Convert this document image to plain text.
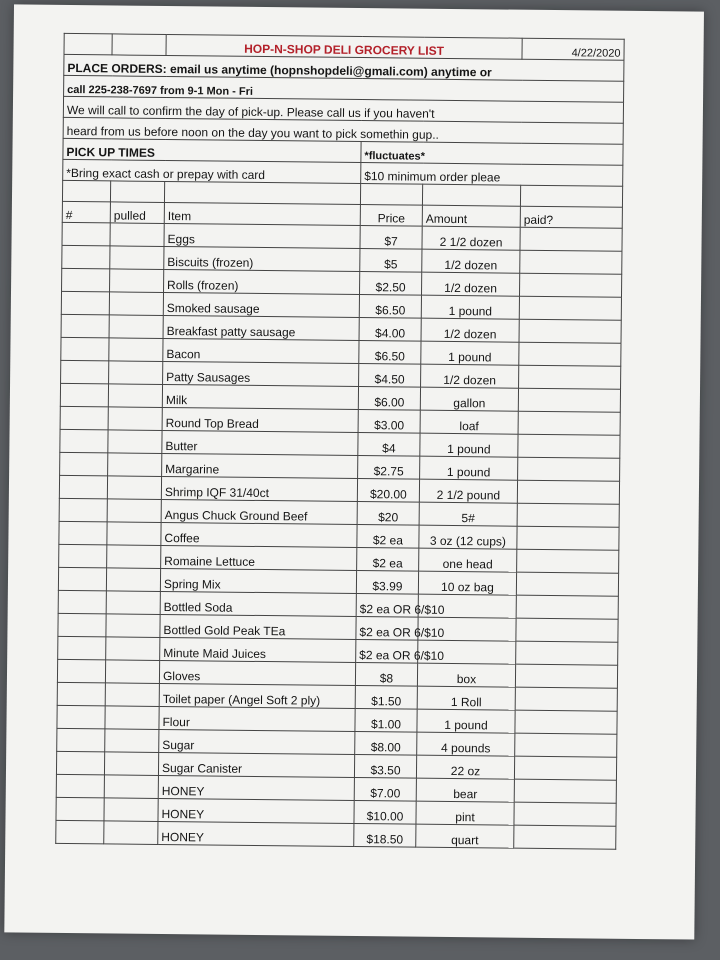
		HOP-N-SHOP DELI GROCERY LIST			4/22/2020
PLACE ORDERS: email us anytime (hopnshopdeli@gmali.com) anytime or					
call 225-238-7697 from 9-1 Mon - Fri					
We will call to confirm the day of pick-up. Please call us if you haven't					
heard from us before noon on the day you want to pick somethin gup..					
PICK UP TIMES			*fluctuates*		
*Bring exact cash or prepay with card			$10 minimum order pleae		

#	pulled	Item	Price	Amount	paid?
		Eggs	$7	2 1/2 dozen	
		Biscuits (frozen)	$5	1/2 dozen	
		Rolls (frozen)	$2.50	1/2 dozen	
		Smoked sausage	$6.50	1 pound	
		Breakfast patty sausage	$4.00	1/2 dozen	
		Bacon	$6.50	1 pound	
		Patty Sausages	$4.50	1/2 dozen	
		Milk	$6.00	gallon	
		Round Top Bread	$3.00	loaf	
		Butter	$4	1 pound	
		Margarine	$2.75	1 pound	
		Shrimp IQF 31/40ct	$20.00	2 1/2 pound	
		Angus Chuck Ground Beef	$20	5#	
		Coffee	$2 ea	3 oz (12 cups)	
		Romaine Lettuce	$2 ea	one head	
		Spring Mix	$3.99	10 oz bag	
		Bottled Soda	$2 ea OR 6/$10		
		Bottled Gold Peak TEa	$2 ea OR 6/$10		
		Minute Maid Juices	$2 ea OR 6/$10		
		Gloves	$8	box	
		Toilet paper (Angel Soft 2 ply)	$1.50	1 Roll	
		Flour	$1.00	1 pound	
		Sugar	$8.00	4 pounds	
		Sugar Canister	$3.50	22 oz	
		HONEY	$7.00	bear	
		HONEY	$10.00	pint	
		HONEY	$18.50	quart	
